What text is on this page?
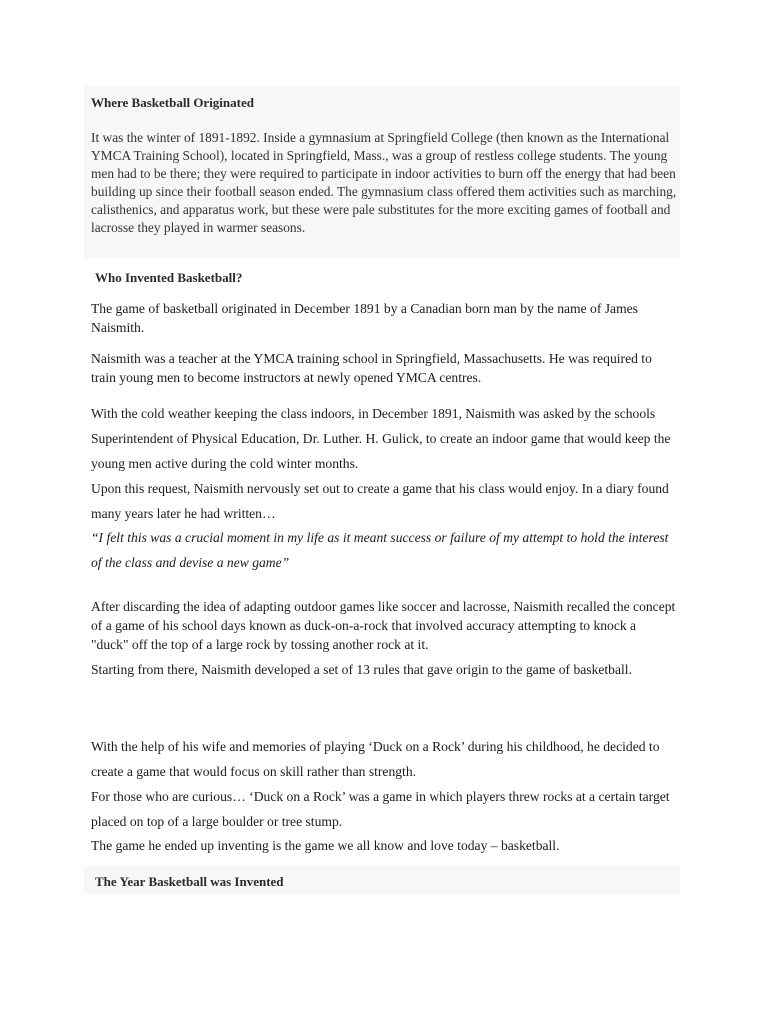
Where Basketball Originated
It was the winter of 1891-1892. Inside a gymnasium at Springfield College (then known as the International YMCA Training School), located in Springfield, Mass., was a group of restless college students. The young men had to be there; they were required to participate in indoor activities to burn off the energy that had been building up since their football season ended. The gymnasium class offered them activities such as marching, calisthenics, and apparatus work, but these were pale substitutes for the more exciting games of football and lacrosse they played in warmer seasons.
Who Invented Basketball?
The game of basketball originated in December 1891 by a Canadian born man by the name of James Naismith.
Naismith was a teacher at the YMCA training school in Springfield, Massachusetts. He was required to train young men to become instructors at newly opened YMCA centres.
With the cold weather keeping the class indoors, in December 1891, Naismith was asked by the schools Superintendent of Physical Education, Dr. Luther. H. Gulick, to create an indoor game that would keep the young men active during the cold winter months.
Upon this request, Naismith nervously set out to create a game that his class would enjoy. In a diary found many years later he had written…
“I felt this was a crucial moment in my life as it meant success or failure of my attempt to hold the interest of the class and devise a new game”
After discarding the idea of adapting outdoor games like soccer and lacrosse, Naismith recalled the concept of a game of his school days known as duck-on-a-rock that involved accuracy attempting to knock a "duck" off the top of a large rock by tossing another rock at it.
Starting from there, Naismith developed a set of 13 rules that gave origin to the game of basketball.
With the help of his wife and memories of playing ‘Duck on a Rock’ during his childhood, he decided to create a game that would focus on skill rather than strength.
For those who are curious… ‘Duck on a Rock’ was a game in which players threw rocks at a certain target placed on top of a large boulder or tree stump.
The game he ended up inventing is the game we all know and love today – basketball.
The Year Basketball was Invented
